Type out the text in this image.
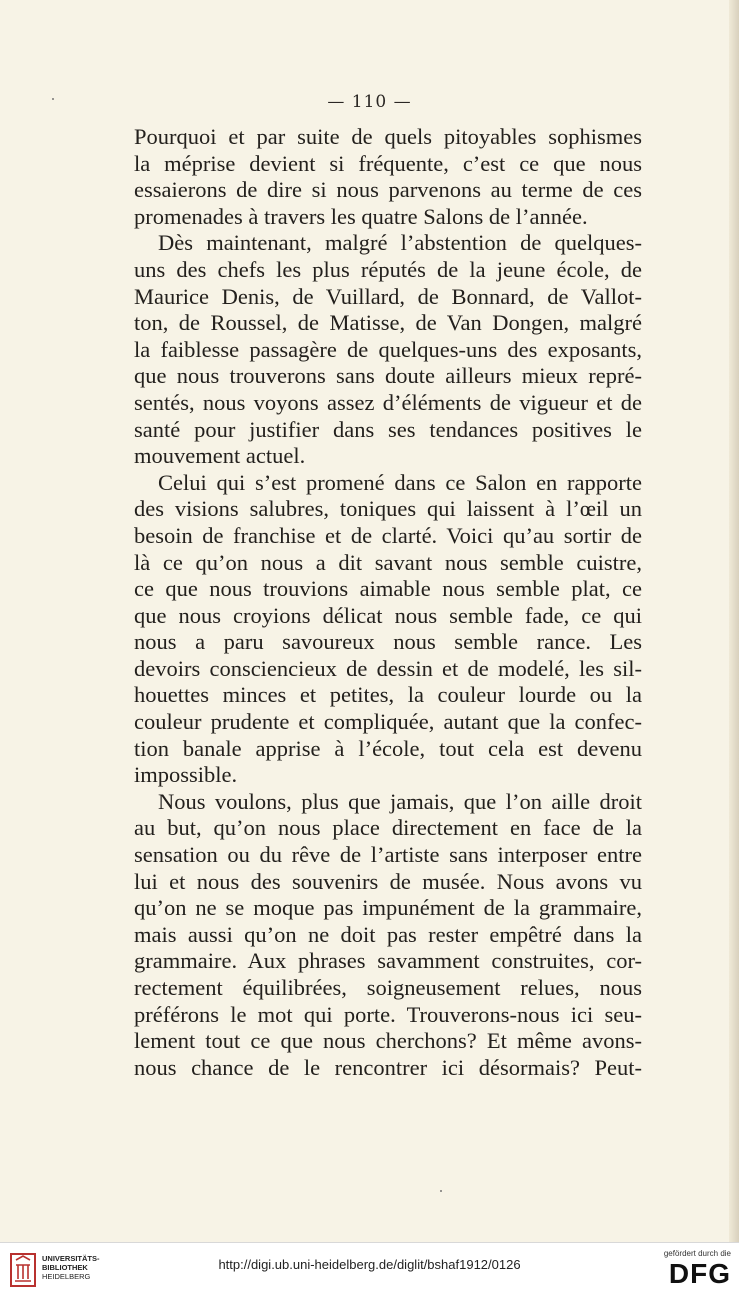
— 110 —
Pourquoi et par suite de quels pitoyables sophismes
la méprise devient si fréquente, c’est ce que nous
essaierons de dire si nous parvenons au terme de ces
promenades à travers les quatre Salons de l’année.
Dès maintenant, malgré l’abstention de quelques-
uns des chefs les plus réputés de la jeune école, de
Maurice Denis, de Vuillard, de Bonnard, de Vallot-
ton, de Roussel, de Matisse, de Van Dongen, malgré
la faiblesse passagère de quelques-uns des exposants,
que nous trouverons sans doute ailleurs mieux repré-
sentés, nous voyons assez d’éléments de vigueur et de
santé pour justifier dans ses tendances positives le
mouvement actuel.
Celui qui s’est promené dans ce Salon en rapporte
des visions salubres, toniques qui laissent à l’œil un
besoin de franchise et de clarté. Voici qu’au sortir de
là ce qu’on nous a dit savant nous semble cuistre,
ce que nous trouvions aimable nous semble plat, ce
que nous croyions délicat nous semble fade, ce qui
nous a paru savoureux nous semble rance. Les
devoirs consciencieux de dessin et de modelé, les sil-
houettes minces et petites, la couleur lourde ou la
couleur prudente et compliquée, autant que la confec-
tion banale apprise à l’école, tout cela est devenu
impossible.
Nous voulons, plus que jamais, que l’on aille droit
au but, qu’on nous place directement en face de la
sensation ou du rêve de l’artiste sans interposer entre
lui et nous des souvenirs de musée. Nous avons vu
qu’on ne se moque pas impunément de la grammaire,
mais aussi qu’on ne doit pas rester empêtré dans la
grammaire. Aux phrases savamment construites, cor-
rectement équilibrées, soigneusement relues, nous
préférons le mot qui porte. Trouverons-nous ici seu-
lement tout ce que nous cherchons? Et même avons-
nous chance de le rencontrer ici désormais? Peut-
UNIVERSITÄTS-
BIBLIOTHEK
HEIDELBERG
http://digi.ub.uni-heidelberg.de/diglit/bshaf1912/0126
gefördert durch die
DFG
